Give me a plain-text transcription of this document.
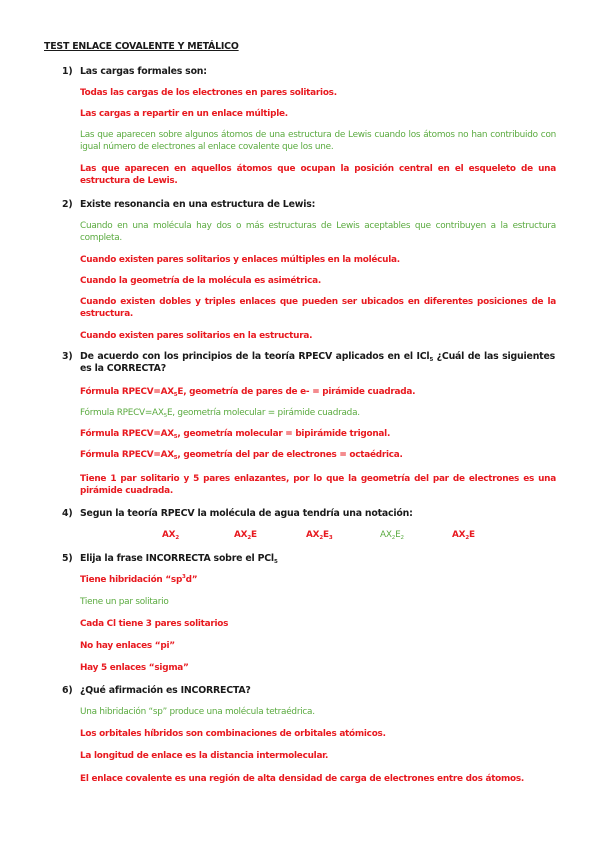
TEST ENLACE COVALENTE Y METÁLICO
1) Las cargas formales son:
Todas las cargas de los electrones en pares solitarios.
Las cargas a repartir en un enlace múltiple.
Las que aparecen sobre algunos átomos de una estructura de Lewis cuando los átomos no han contribuido con igual número de electrones al enlace covalente que los une.
Las que aparecen en aquellos átomos que ocupan la posición central en el esqueleto de una estructura de Lewis.
2) Existe resonancia en una estructura de Lewis:
Cuando en una molécula hay dos o más estructuras de Lewis aceptables que contribuyen a la estructura completa.
Cuando existen pares solitarios y enlaces múltiples en la molécula.
Cuando la geometría de la molécula es asimétrica.
Cuando existen dobles y triples enlaces que pueden ser ubicados en diferentes posiciones de la estructura.
Cuando existen pares solitarios en la estructura.
3) De acuerdo con los principios de la teoría RPECV aplicados en el ICl$_5$ ¿Cuál de las siguientes es la CORRECTA?
Fórmula $RPECV=AX_5E$, geometría de pares de e- = pirámide cuadrada.
Fórmula $RPECV=AX_5E$, geometría molecular = pirámide cuadrada.
Fórmula $RPECV=AX_5$, geometría molecular = bipirámide trigonal.
Fórmula $RPECV=AX_5$, geometría del par de electrones = octaédrica.
Tiene 1 par solitario y 5 pares enlazantes, por lo que la geometría del par de electrones es una pirámide cuadrada.
4) Segun la teoría RPECV la molécula de agua tendría una notación:
$AX_2$	$AX_2E$	$AX_2E_3$	$AX_2E_2$	$AX_2E$
5) Elija la frase INCORRECTA sobre el PCl$_5$
Tiene hibridación “$sp^3d$”
Tiene un par solitario
Cada Cl tiene 3 pares solitarios
No hay enlaces “pi”
Hay 5 enlaces “sigma”
6) ¿Qué afirmación es INCORRECTA?
Una hibridación “sp” produce una molécula tetraédrica.
Los orbitales híbridos son combinaciones de orbitales atómicos.
La longitud de enlace es la distancia intermolecular.
El enlace covalente es una región de alta densidad de carga de electrones entre dos átomos.
